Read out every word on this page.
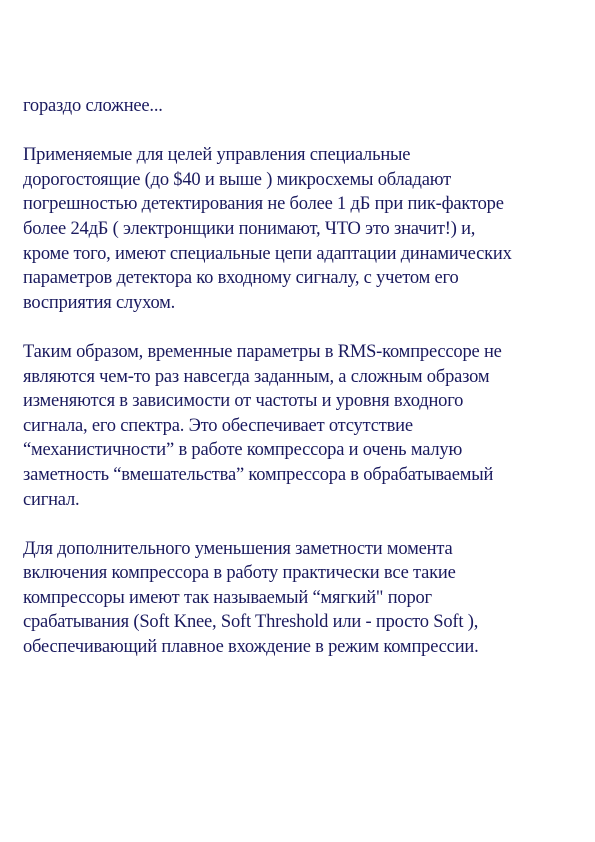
гораздо сложнее...

Применяемые для целей управления специальные
дорогостоящие (до $40 и выше ) микросхемы обладают
погрешностью детектирования не более 1 дБ при пик-факторе
более 24дБ ( электронщики понимают, ЧТО это значит!) и,
кроме того, имеют специальные цепи адаптации динамических
параметров детектора ко входному сигналу, с учетом его
восприятия слухом.

Таким образом, временные параметры в RMS-компрессоре не
являются чем-то раз навсегда заданным, а сложным образом
изменяются в зависимости от частоты и уровня входного
сигнала, его спектра. Это обеспечивает отсутствие
“механистичности” в работе компрессора и очень малую
заметность “вмешательства” компрессора в обрабатываемый
сигнал.

Для дополнительного уменьшения заметности момента
включения компрессора в работу практически все такие
компрессоры имеют так называемый “мягкий" порог
срабатывания (Soft Knee, Soft Threshold или - просто Soft ),
обеспечивающий плавное вхождение в режим компрессии.
